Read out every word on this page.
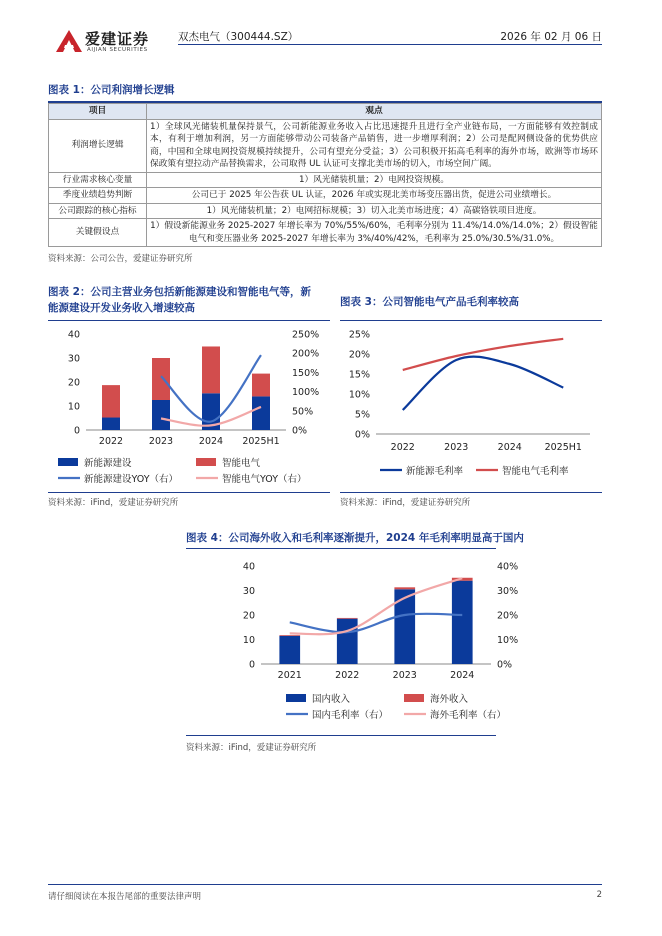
爱建证券
AIJIAN SECURITIES
双杰电气（300444.SZ）	2026 年 02 月 06 日
图表 1：公司利润增长逻辑
项目	观点
利润增长逻辑	1）全球风光储装机量保持景气，公司新能源业务收入占比迅速提升且进行全产业链布局，一方面能够有效控制成本，有利于增加利润，另一方面能够带动公司装备产品销售，进一步增厚利润；2）公司是配网侧设备的优势供应商，中国和全球电网投资规模持续提升，公司有望充分受益；3）公司积极开拓高毛利率的海外市场，欧洲等市场环保政策有望拉动产品替换需求，公司取得 UL 认证可支撑北美市场的切入，市场空间广阔。
行业需求核心变量	1）风光储装机量；2）电网投资规模。
季度业绩趋势判断	公司已于 2025 年公告获 UL 认证，2026 年或实现北美市场变压器出货，促进公司业绩增长。
公司跟踪的核心指标	1）风光储装机量；2）电网招标规模；3）切入北美市场进度；4）高碳铬铁项目进度。
关键假设点	1）假设新能源业务 2025-2027 年增长率为 70%/55%/60%，毛利率分别为 11.4%/14.0%/14.0%；2）假设智能电气和变压器业务 2025-2027 年增长率为 3%/40%/42%，毛利率为 25.0%/30.5%/31.0%。
资料来源：公司公告，爱建证券研究所
图表 2：公司主营业务包括新能源建设和智能电气等，新
能源建设开发业务收入增速较高
0
10
20
30
40
0%
50%
100%
150%
200%
250%
2022	2023	2024 2025H1
新能源建设	智能电气
新能源建设YOY（右）	智能电气YOY（右）
资料来源：iFind，爱建证券研究所
图表 3：公司智能电气产品毛利率较高
0%
5%
10%
15%
20%
25%
2022	2023	2024 2025H1
新能源毛利率	智能电气毛利率
资料来源：iFind，爱建证券研究所
图表 4：公司海外收入和毛利率逐渐提升，2024 年毛利率明显高于国内
0
10
20
30
40
0%
10%
20%
30%
40%
2021	2022	2023	2024
国内收入	海外收入
国内毛利率（右）	海外毛利率（右）
资料来源：iFind，爱建证券研究所
请仔细阅读在本报告尾部的重要法律声明	2
